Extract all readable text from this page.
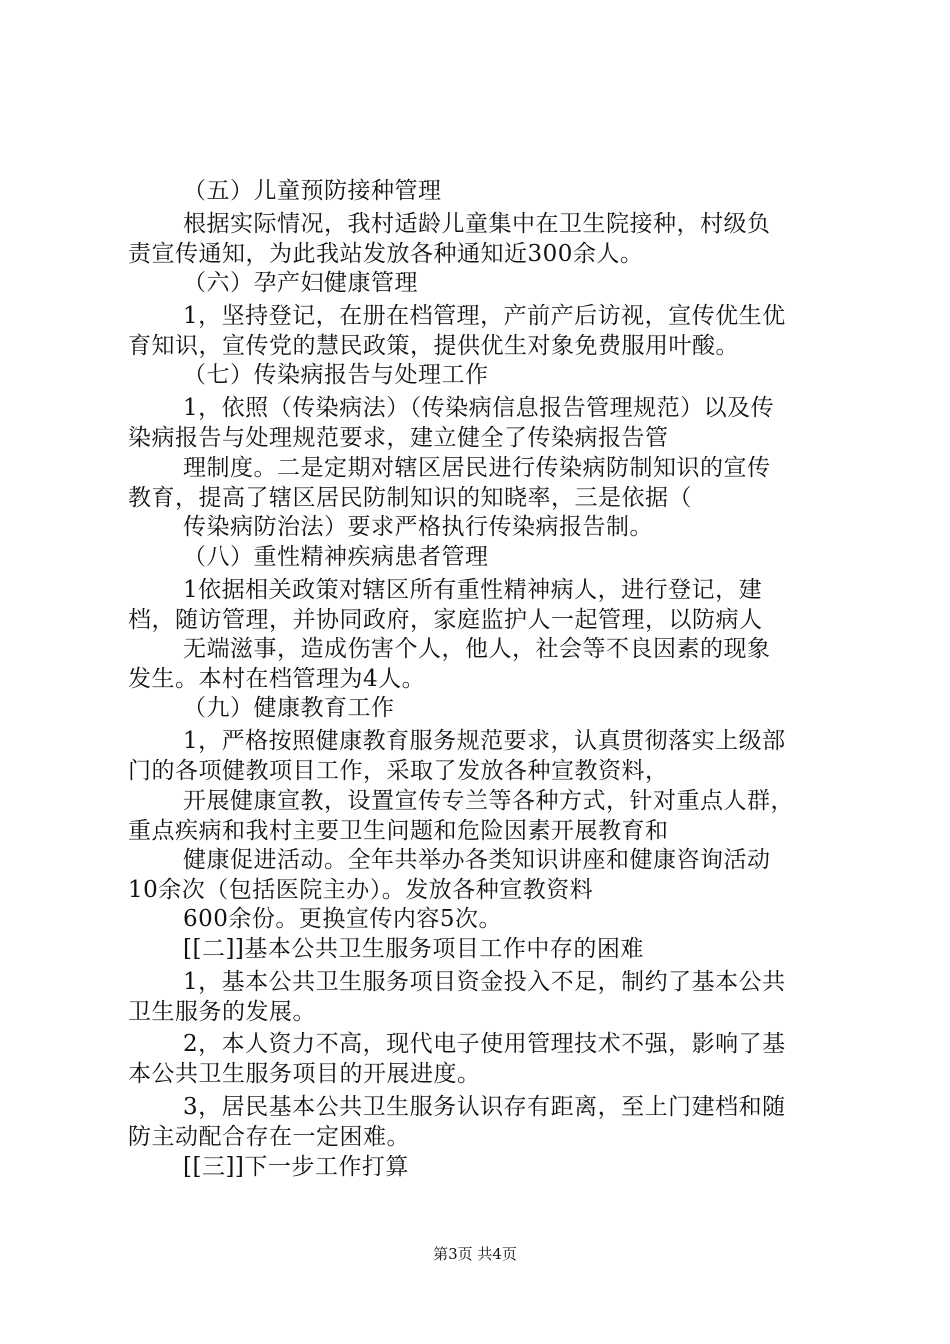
（五）儿童预防接种管理
根据实际情况，我村适龄儿童集中在卫生院接种，村级负
责宣传通知，为此我站发放各种通知近300余人。
（六）孕产妇健康管理
1，坚持登记，在册在档管理，产前产后访视，宣传优生优
育知识，宣传党的慧民政策，提供优生对象免费服用叶酸。
（七）传染病报告与处理工作
1，依照（传染病法）（传染病信息报告管理规范）以及传
染病报告与处理规范要求，建立健全了传染病报告管
理制度。二是定期对辖区居民进行传染病防制知识的宣传
教育，提高了辖区居民防制知识的知晓率，三是依据（
传染病防治法）要求严格执行传染病报告制。
（八）重性精神疾病患者管理
1依据相关政策对辖区所有重性精神病人，进行登记，建
档，随访管理，并协同政府，家庭监护人一起管理，以防病人
无端滋事，造成伤害个人，他人，社会等不良因素的现象
发生。本村在档管理为4人。
（九）健康教育工作
1，严格按照健康教育服务规范要求，认真贯彻落实上级部
门的各项健教项目工作，采取了发放各种宣教资料，
开展健康宣教，设置宣传专兰等各种方式，针对重点人群，
重点疾病和我村主要卫生问题和危险因素开展教育和
健康促进活动。全年共举办各类知识讲座和健康咨询活动
10余次（包括医院主办）。发放各种宣教资料
600余份。更换宣传内容5次。
[[二]]基本公共卫生服务项目工作中存的困难
1，基本公共卫生服务项目资金投入不足，制约了基本公共
卫生服务的发展。
2，本人资力不高，现代电子使用管理技术不强，影响了基
本公共卫生服务项目的开展进度。
3，居民基本公共卫生服务认识存有距离，至上门建档和随
防主动配合存在一定困难。
[[三]]下一步工作打算
第3页 共4页
